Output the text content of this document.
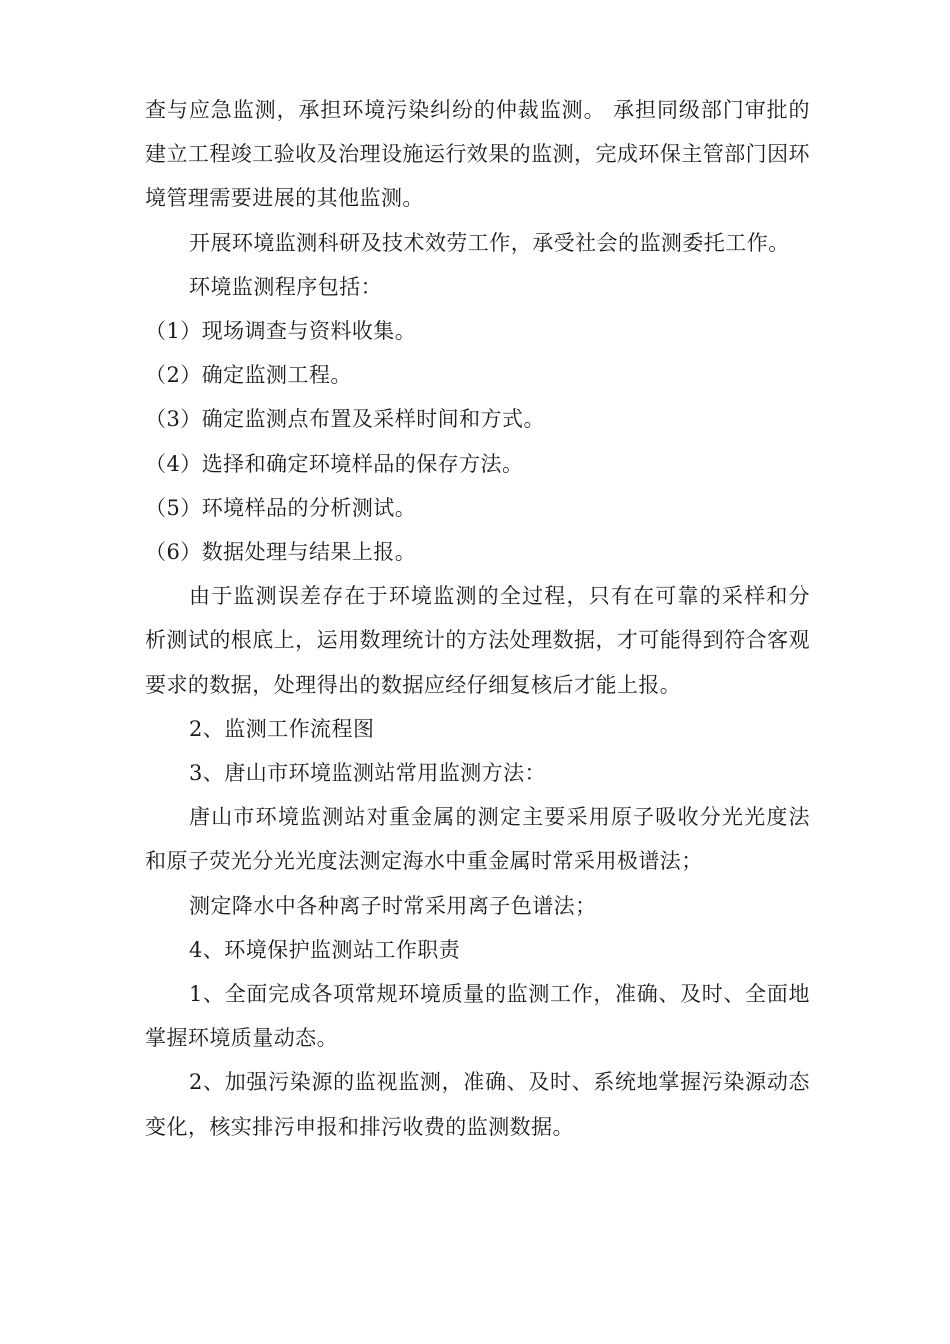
查与应急监测，承担环境污染纠纷的仲裁监测。 承担同级部门审批的建立工程竣工验收及治理设施运行效果的监测，完成环保主管部门因环境管理需要进展的其他监测。

开展环境监测科研及技术效劳工作，承受社会的监测委托工作。

环境监测程序包括：

（1）现场调查与资料收集。

（2）确定监测工程。

（3）确定监测点布置及采样时间和方式。

（4）选择和确定环境样品的保存方法。

（5）环境样品的分析测试。

（6）数据处理与结果上报。

由于监测误差存在于环境监测的全过程，只有在可靠的采样和分析测试的根底上，运用数理统计的方法处理数据，才可能得到符合客观要求的数据，处理得出的数据应经仔细复核后才能上报。

2、监测工作流程图

3、唐山市环境监测站常用监测方法：

唐山市环境监测站对重金属的测定主要采用原子吸收分光光度法和原子荧光分光光度法测定海水中重金属时常采用极谱法；

测定降水中各种离子时常采用离子色谱法；

4、环境保护监测站工作职责

1、全面完成各项常规环境质量的监测工作，准确、及时、全面地掌握环境质量动态。

2、加强污染源的监视监测，准确、及时、系统地掌握污染源动态变化，核实排污申报和排污收费的监测数据。
